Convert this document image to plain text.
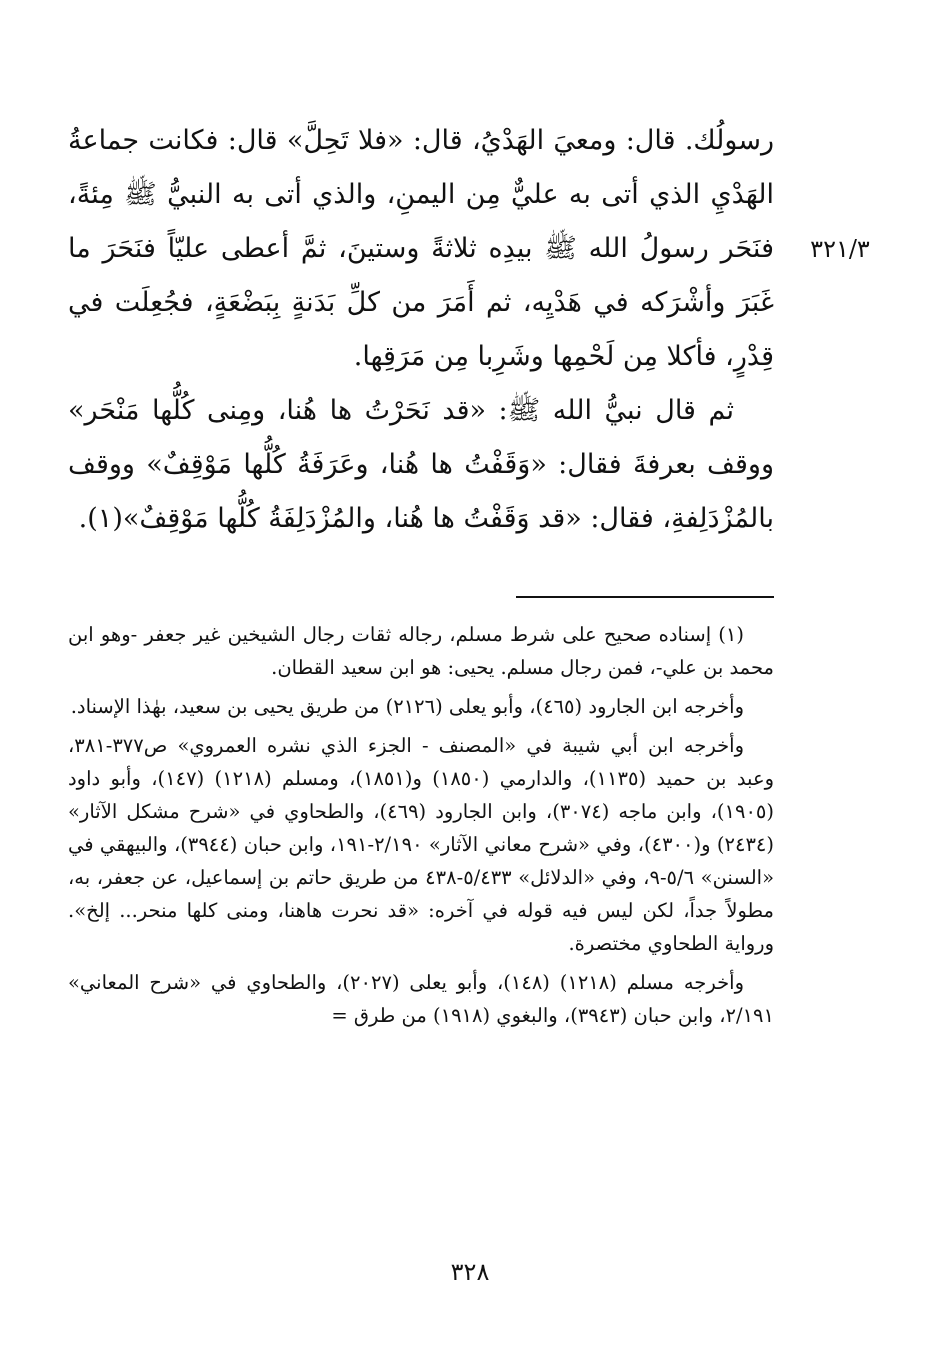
٣٢١/٣

رسولُك. قال: ومعيَ الهَدْيُ، قال: «فلا تَحِلَّ» قال: فكانت جماعةُ الهَدْيِ الذي أتى به عليٌّ مِن اليمنِ، والذي أتى به النبيُّ ﷺ مِئةً، فنَحَر رسولُ الله ﷺ بيدِه ثلاثةً وستينَ، ثمَّ أعطى عليّاً فنَحَرَ ما غَبَرَ وأشْرَكه في هَدْيِه، ثم أَمَرَ من كلِّ بَدَنةٍ بِبَضْعَةٍ، فجُعِلَت في قِدْرٍ، فأكلا مِن لَحْمِها وشَرِبا مِن مَرَقِها.

ثم قال نبيُّ الله ﷺ: «قد نَحَرْتُ ها هُنا، ومِنى كُلُّها مَنْحَر» ووقف بعرفةَ فقال: «وَقَفْتُ ها هُنا، وعَرَفَةُ كُلُّها مَوْقِفٌ» ووقف بالمُزْدَلِفةِ، فقال: «قد وَقَفْتُ ها هُنا، والمُزْدَلِفَةُ كُلُّها مَوْقِفٌ»(١).

(١) إسناده صحيح على شرط مسلم، رجاله ثقات رجال الشيخين غير جعفر -وهو ابن محمد بن علي-، فمن رجال مسلم. يحيى: هو ابن سعيد القطان.

وأخرجه ابن الجارود (٤٦٥)، وأبو يعلى (٢١٢٦) من طريق يحيى بن سعيد، بهٰذا الإسناد.

وأخرجه ابن أبي شيبة في «المصنف - الجزء الذي نشره العمروي» ص٣٧٧-٣٨١، وعبد بن حميد (١١٣٥)، والدارمي (١٨٥٠) و(١٨٥١)، ومسلم (١٢١٨) (١٤٧)، وأبو داود (١٩٠٥)، وابن ماجه (٣٠٧٤)، وابن الجارود (٤٦٩)، والطحاوي في «شرح مشكل الآثار» (٢٤٣٤) و(٤٣٠٠)، وفي «شرح معاني الآثار» ٢/١٩٠-١٩١، وابن حبان (٣٩٤٤)، والبيهقي في «السنن» ٥/٦-٩، وفي «الدلائل» ٥/٤٣٣-٤٣٨ من طريق حاتم بن إسماعيل، عن جعفر، به، مطولاً جداً، لكن ليس فيه قوله في آخره: «قد نحرت هاهنا، ومنى كلها منحر... إلخ». ورواية الطحاوي مختصرة.

وأخرجه مسلم (١٢١٨) (١٤٨)، وأبو يعلى (٢٠٢٧)، والطحاوي في «شرح المعاني» ٢/١٩١، وابن حبان (٣٩٤٣)، والبغوي (١٩١٨) من طرق =

٣٢٨
